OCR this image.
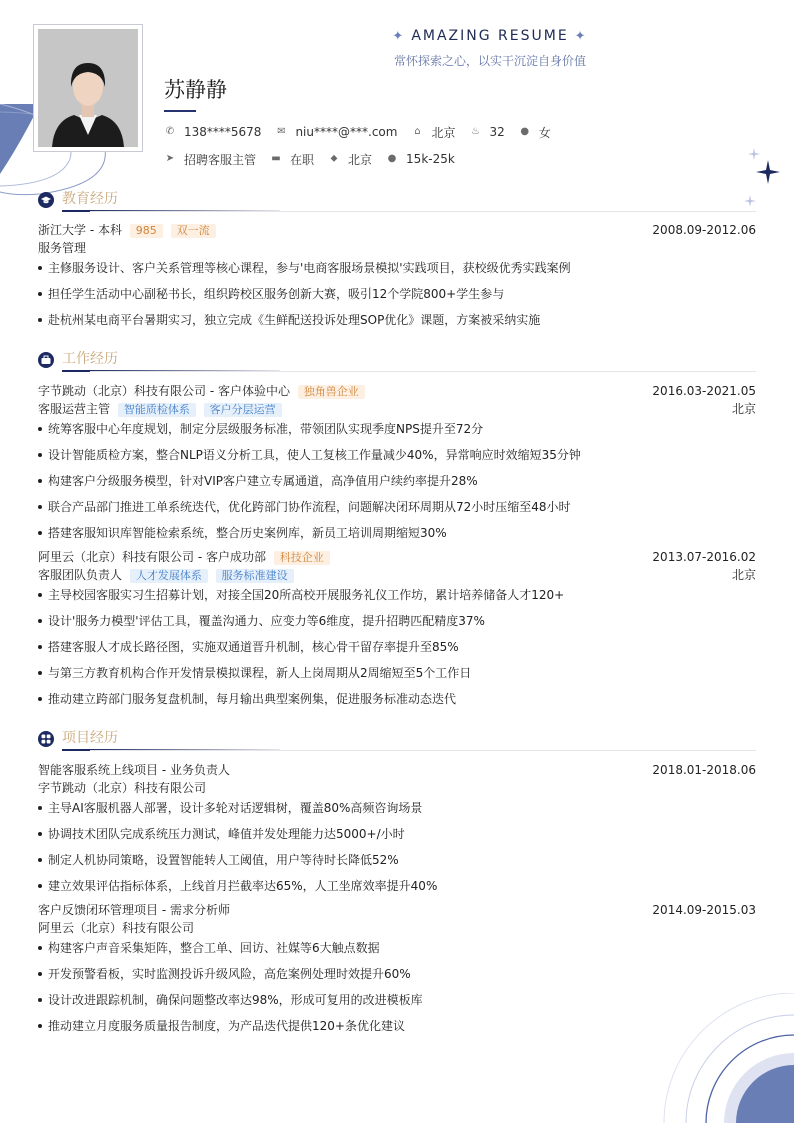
✦ AMAZING RESUME ✦
常怀探索之心，以实干沉淀自身价值
苏静静
✆ 138****5678 ✉ niu****@***.com ⌂ 北京 ♨ 32 ● 女
➤ 招聘客服主管 ▬ 在职 ⬥ 北京 ● 15k-25k
教育经历
浙江大学 - 本科 985 双一流	2008.09-2012.06
服务管理
主修服务设计、客户关系管理等核心课程，参与'电商客服场景模拟'实践项目，获校级优秀实践案例
担任学生活动中心副秘书长，组织跨校区服务创新大赛，吸引12个学院800+学生参与
赴杭州某电商平台暑期实习，独立完成《生鲜配送投诉处理SOP优化》课题，方案被采纳实施
工作经历
字节跳动（北京）科技有限公司 - 客户体验中心 独角兽企业	2016.03-2021.05
客服运营主管 智能质检体系 客户分层运营	北京
统筹客服中心年度规划，制定分层级服务标准，带领团队实现季度NPS提升至72分
设计智能质检方案，整合NLP语义分析工具，使人工复核工作量减少40%，异常响应时效缩短35分钟
构建客户分级服务模型，针对VIP客户建立专属通道，高净值用户续约率提升28%
联合产品部门推进工单系统迭代，优化跨部门协作流程，问题解决闭环周期从72小时压缩至48小时
搭建客服知识库智能检索系统，整合历史案例库，新员工培训周期缩短30%
阿里云（北京）科技有限公司 - 客户成功部 科技企业	2013.07-2016.02
客服团队负责人 人才发展体系 服务标准建设	北京
主导校园客服实习生招募计划，对接全国20所高校开展服务礼仪工作坊，累计培养储备人才120+
设计'服务力模型'评估工具，覆盖沟通力、应变力等6维度，提升招聘匹配精度37%
搭建客服人才成长路径图，实施双通道晋升机制，核心骨干留存率提升至85%
与第三方教育机构合作开发情景模拟课程，新人上岗周期从2周缩短至5个工作日
推动建立跨部门服务复盘机制，每月输出典型案例集，促进服务标准动态迭代
项目经历
智能客服系统上线项目 - 业务负责人	2018.01-2018.06
字节跳动（北京）科技有限公司
主导AI客服机器人部署，设计多轮对话逻辑树，覆盖80%高频咨询场景
协调技术团队完成系统压力测试，峰值并发处理能力达5000+/小时
制定人机协同策略，设置智能转人工阈值，用户等待时长降低52%
建立效果评估指标体系，上线首月拦截率达65%，人工坐席效率提升40%
客户反馈闭环管理项目 - 需求分析师	2014.09-2015.03
阿里云（北京）科技有限公司
构建客户声音采集矩阵，整合工单、回访、社媒等6大触点数据
开发预警看板，实时监测投诉升级风险，高危案例处理时效提升60%
设计改进跟踪机制，确保问题整改率达98%，形成可复用的改进模板库
推动建立月度服务质量报告制度，为产品迭代提供120+条优化建议
